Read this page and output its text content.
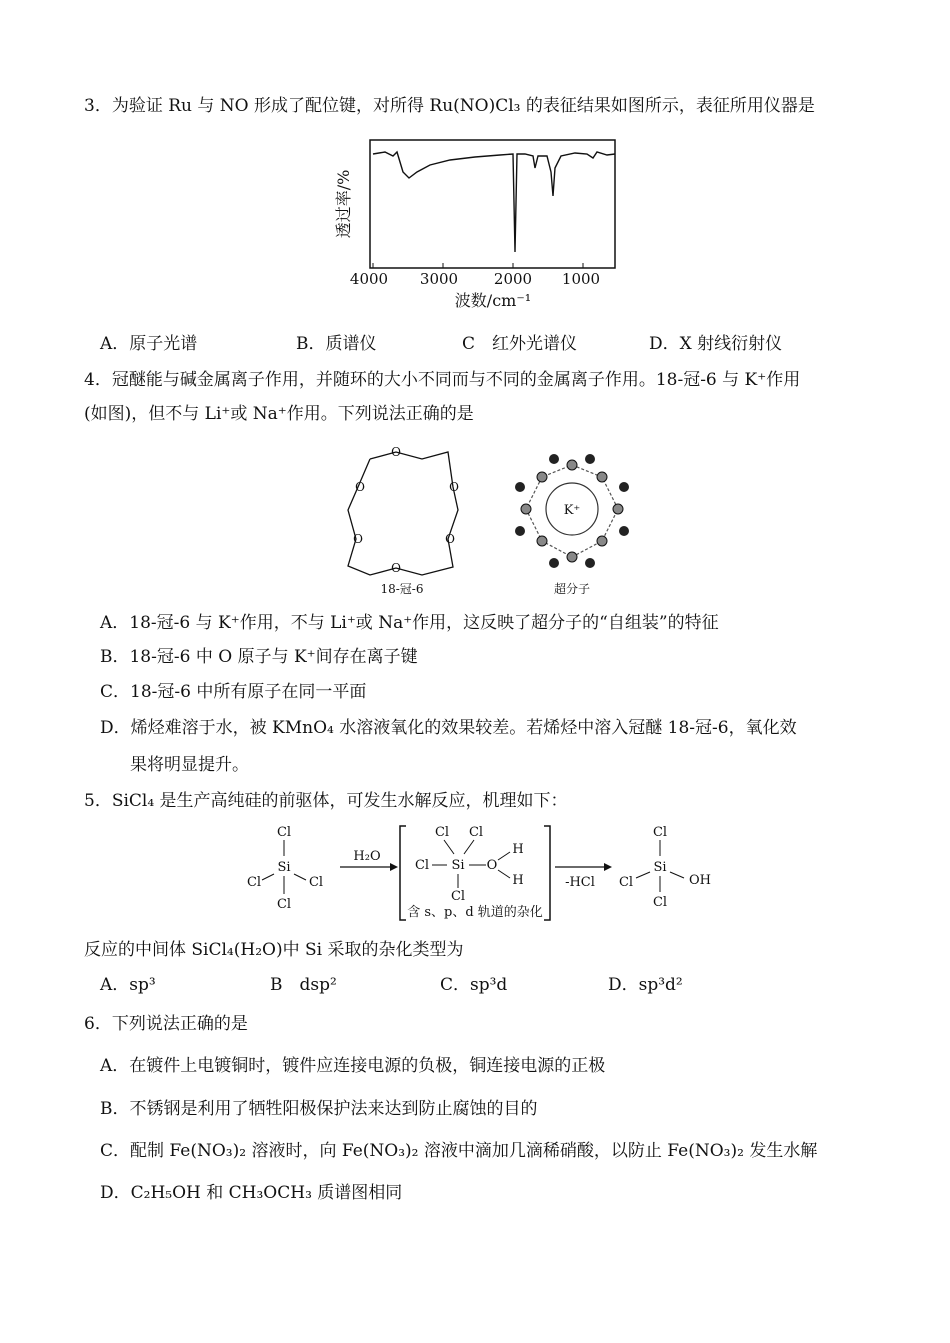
3．为验证 Ru 与 NO 形成了配位键，对所得 Ru(NO)Cl₃ 的表征结果如图所示，表征所用仪器是
4000 3000 2000 1000
波数/cm⁻¹
透过率/%
A．原子光谱	B．质谱仪	C　红外光谱仪	D．X 射线衍射仪
4．冠醚能与碱金属离子作用，并随环的大小不同而与不同的金属离子作用。18-冠-6 与 K⁺作用
(如图)，但不与 Li⁺或 Na⁺作用。下列说法正确的是
O
O
O
O
O
O
18-冠-6
K⁺
超分子
A．18-冠-6 与 K⁺作用，不与 Li⁺或 Na⁺作用，这反映了超分子的“自组装”的特征
B．18-冠-6 中 O 原子与 K⁺间存在离子键
C．18-冠-6 中所有原子在同一平面
D．烯烃难溶于水，被 KMnO₄ 水溶液氧化的效果较差。若烯烃中溶入冠醚 18-冠-6，氧化效
果将明显提升。
5．SiCl₄ 是生产高纯硅的前驱体，可发生水解反应，机理如下：
Cl
Si
Cl	Cl
Cl
H₂O
Cl Cl
Si
Cl	O
H
H
Cl
含 s、p、d 轨道的杂化
-HCl
Cl
Si
Cl	OH
Cl
反应的中间体 SiCl₄(H₂O)中 Si 采取的杂化类型为
A．sp³	B　dsp²	C．sp³d	D．sp³d²
6．下列说法正确的是
A．在镀件上电镀铜时，镀件应连接电源的负极，铜连接电源的正极
B．不锈钢是利用了牺牲阳极保护法来达到防止腐蚀的目的
C．配制 Fe(NO₃)₂ 溶液时，向 Fe(NO₃)₂ 溶液中滴加几滴稀硝酸，以防止 Fe(NO₃)₂ 发生水解
D．C₂H₅OH 和 CH₃OCH₃ 质谱图相同
